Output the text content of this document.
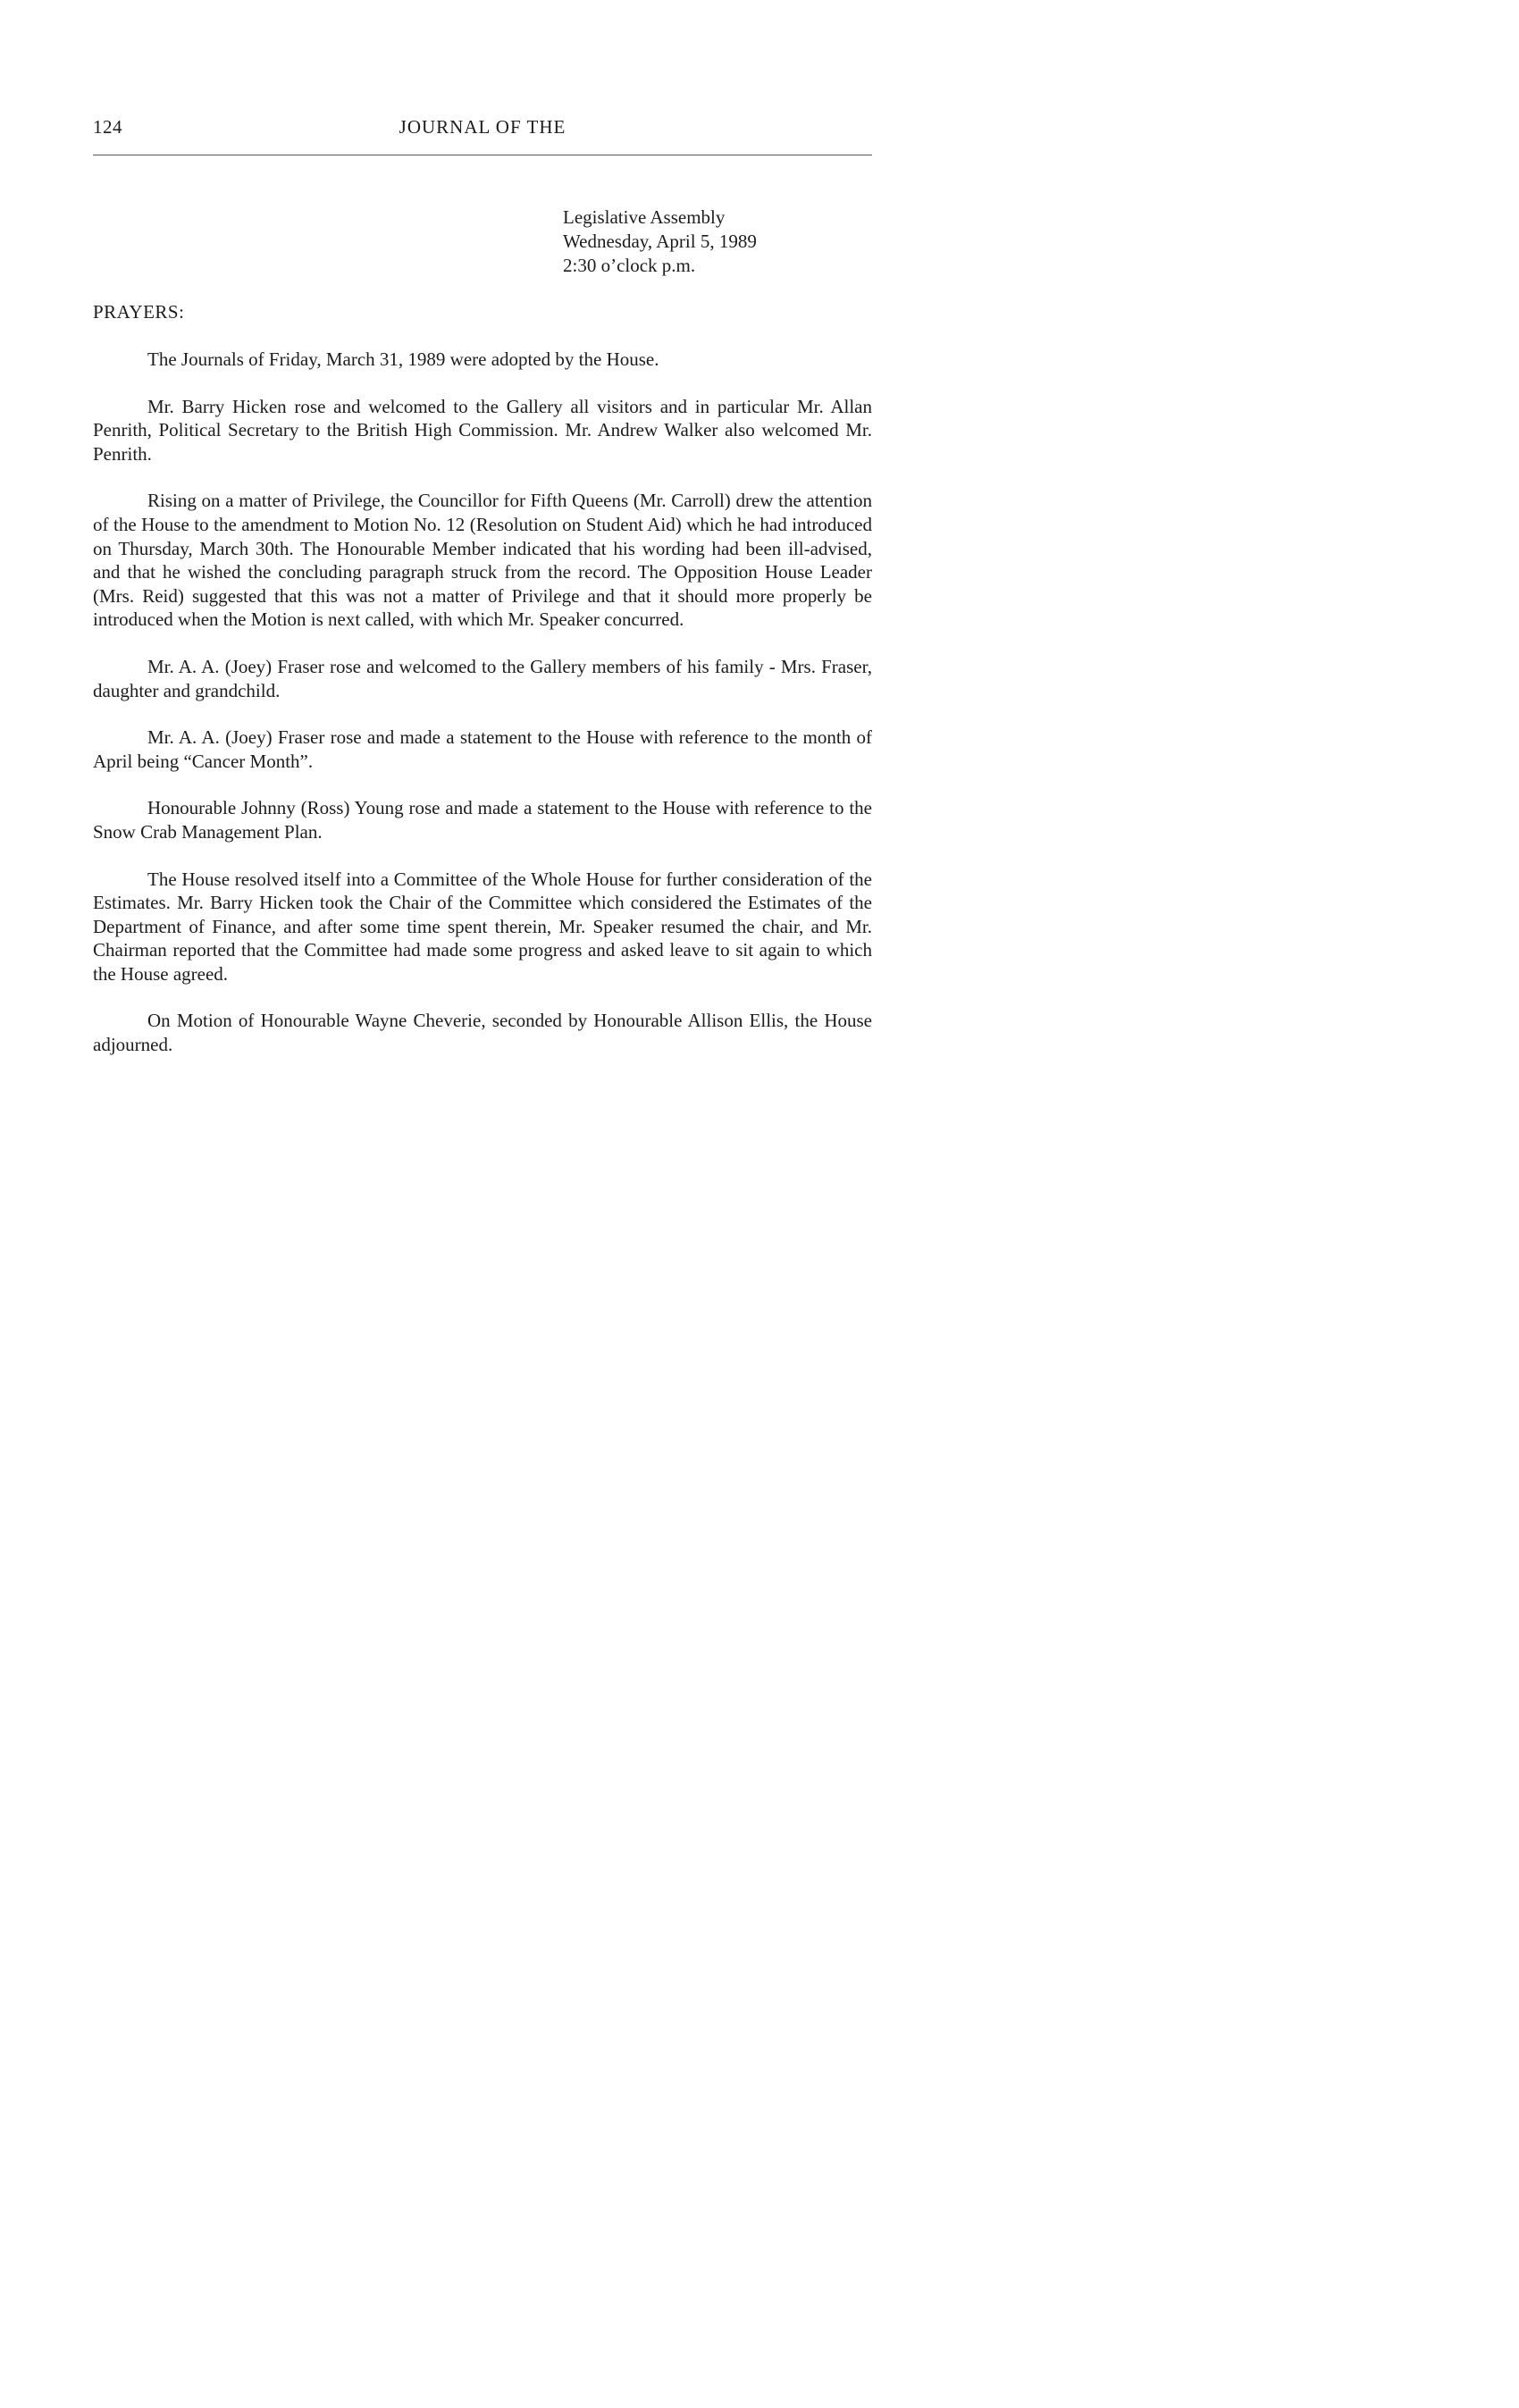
124	JOURNAL OF THE
Legislative Assembly
Wednesday, April 5, 1989
2:30 o’clock p.m.
PRAYERS:

The Journals of Friday, March 31, 1989 were adopted by the House.

Mr. Barry Hicken rose and welcomed to the Gallery all visitors and in particular Mr. Allan Penrith, Political Secretary to the British High Commission. Mr. Andrew Walker also welcomed Mr. Penrith.

Rising on a matter of Privilege, the Councillor for Fifth Queens (Mr. Carroll) drew the attention of the House to the amendment to Motion No. 12 (Resolution on Student Aid) which he had introduced on Thursday, March 30th. The Honourable Member indicated that his wording had been ill-advised, and that he wished the concluding paragraph struck from the record. The Opposition House Leader (Mrs. Reid) suggested that this was not a matter of Privilege and that it should more properly be introduced when the Motion is next called, with which Mr. Speaker concurred.

Mr. A. A. (Joey) Fraser rose and welcomed to the Gallery members of his family - Mrs. Fraser, daughter and grandchild.

Mr. A. A. (Joey) Fraser rose and made a statement to the House with reference to the month of April being “Cancer Month”.

Honourable Johnny (Ross) Young rose and made a statement to the House with reference to the Snow Crab Management Plan.

The House resolved itself into a Committee of the Whole House for further consideration of the Estimates. Mr. Barry Hicken took the Chair of the Committee which considered the Estimates of the Department of Finance, and after some time spent therein, Mr. Speaker resumed the chair, and Mr. Chairman reported that the Committee had made some progress and asked leave to sit again to which the House agreed.

On Motion of Honourable Wayne Cheverie, seconded by Honourable Allison Ellis, the House adjourned.
